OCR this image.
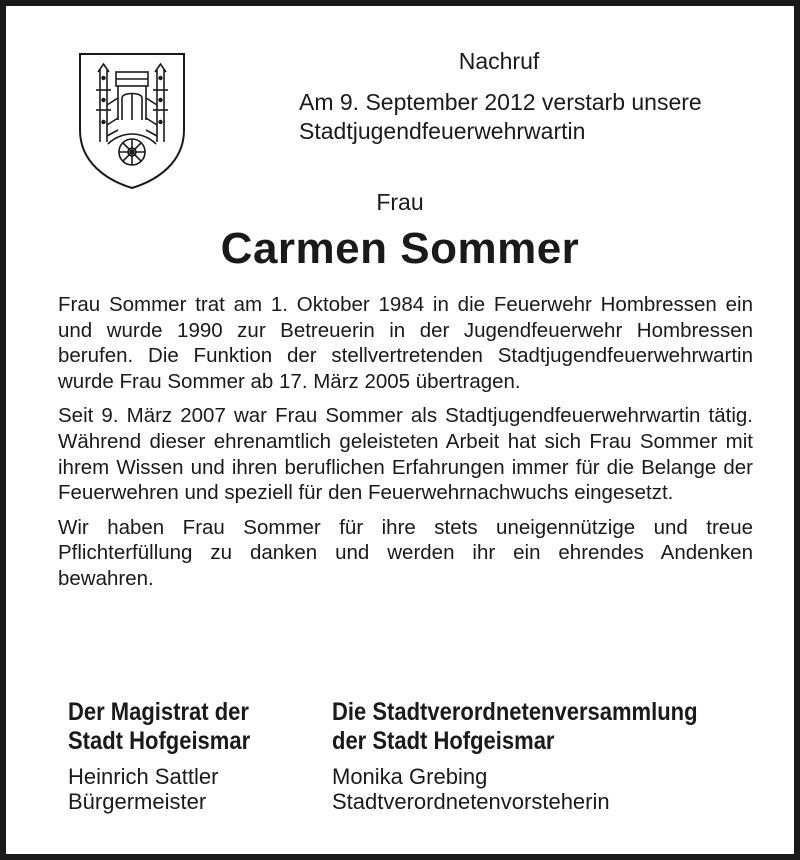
Nachruf
Am 9. September 2012 verstarb unsere
Stadtjugendfeuerwehrwartin
Frau
Carmen Sommer

Frau Sommer trat am 1. Oktober 1984 in die Feuerwehr Hombressen ein und wurde 1990 zur Betreuerin in der Jugendfeuerwehr Hombressen berufen. Die Funktion der stellvertretenden Stadtjugendfeuerwehrwartin wurde Frau Sommer ab 17. März 2005 übertragen.

Seit 9. März 2007 war Frau Sommer als Stadtjugendfeuerwehrwartin tätig. Während dieser ehrenamtlich geleisteten Arbeit hat sich Frau Sommer mit ihrem Wissen und ihren beruflichen Erfahrungen immer für die Belange der Feuerwehren und speziell für den Feuerwehrnachwuchs eingesetzt.

Wir haben Frau Sommer für ihre stets uneigennützige und treue Pflichterfüllung zu danken und werden ihr ein ehrendes Andenken bewahren.

Der Magistrat der
Stadt Hofgeismar
Heinrich Sattler
Bürgermeister
Die Stadtverordnetenversammlung
der Stadt Hofgeismar
Monika Grebing
Stadtverordnetenvorsteherin
